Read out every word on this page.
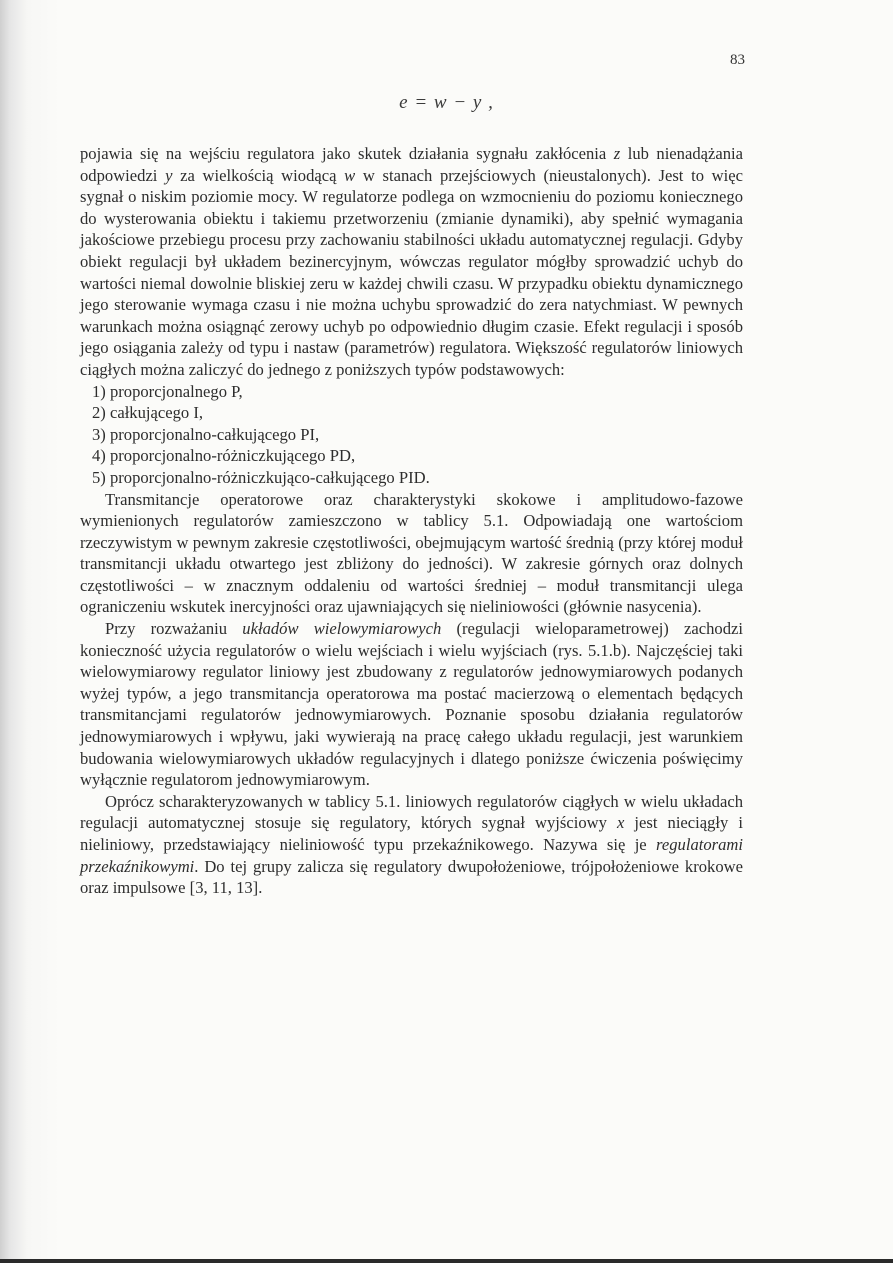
83
e = w − y ,

pojawia się na wejściu regulatora jako skutek działania sygnału zakłócenia z lub nienadążania odpowiedzi y za wielkością wiodącą w w stanach przejściowych (nieustalonych). Jest to więc sygnał o niskim poziomie mocy. W regulatorze podlega on wzmocnieniu do poziomu koniecznego do wysterowania obiektu i takiemu przetworzeniu (zmianie dynamiki), aby spełnić wymagania jakościowe przebiegu procesu przy zachowaniu stabilności układu automatycznej regulacji. Gdyby obiekt regulacji był układem bezinercyjnym, wówczas regulator mógłby sprowadzić uchyb do wartości niemal dowolnie bliskiej zeru w każdej chwili czasu. W przypadku obiektu dynamicznego jego sterowanie wymaga czasu i nie można uchybu sprowadzić do zera natychmiast. W pewnych warunkach można osiągnąć zerowy uchyb po odpowiednio długim czasie. Efekt regulacji i sposób jego osiągania zależy od typu i nastaw (parametrów) regulatora. Większość regulatorów liniowych ciągłych można zaliczyć do jednego z poniższych typów podstawowych:

1) proporcjonalnego P,
2) całkującego I,
3) proporcjonalno-całkującego PI,
4) proporcjonalno-różniczkującego PD,
5) proporcjonalno-różniczkująco-całkującego PID.

Transmitancje operatorowe oraz charakterystyki skokowe i amplitudowo-fazowe wymienionych regulatorów zamieszczono w tablicy 5.1. Odpowiadają one wartościom rzeczywistym w pewnym zakresie częstotliwości, obejmującym wartość średnią (przy której moduł transmitancji układu otwartego jest zbliżony do jedności). W zakresie górnych oraz dolnych częstotliwości – w znacznym oddaleniu od wartości średniej – moduł transmitancji ulega ograniczeniu wskutek inercyjności oraz ujawniających się nieliniowości (głównie nasycenia).

Przy rozważaniu układów wielowymiarowych (regulacji wieloparametrowej) zachodzi konieczność użycia regulatorów o wielu wejściach i wielu wyjściach (rys. 5.1.b). Najczęściej taki wielowymiarowy regulator liniowy jest zbudowany z regulatorów jednowymiarowych podanych wyżej typów, a jego transmitancja operatorowa ma postać macierzową o elementach będących transmitancjami regulatorów jednowymiarowych. Poznanie sposobu działania regulatorów jednowymiarowych i wpływu, jaki wywierają na pracę całego układu regulacji, jest warunkiem budowania wielowymiarowych układów regulacyjnych i dlatego poniższe ćwiczenia poświęcimy wyłącznie regulatorom jednowymiarowym.

Oprócz scharakteryzowanych w tablicy 5.1. liniowych regulatorów ciągłych w wielu układach regulacji automatycznej stosuje się regulatory, których sygnał wyjściowy x jest nieciągły i nieliniowy, przedstawiający nieliniowość typu przekaźnikowego. Nazywa się je regulatorami przekaźnikowymi. Do tej grupy zalicza się regulatory dwupołożeniowe, trójpołożeniowe krokowe oraz impulsowe [3, 11, 13].
